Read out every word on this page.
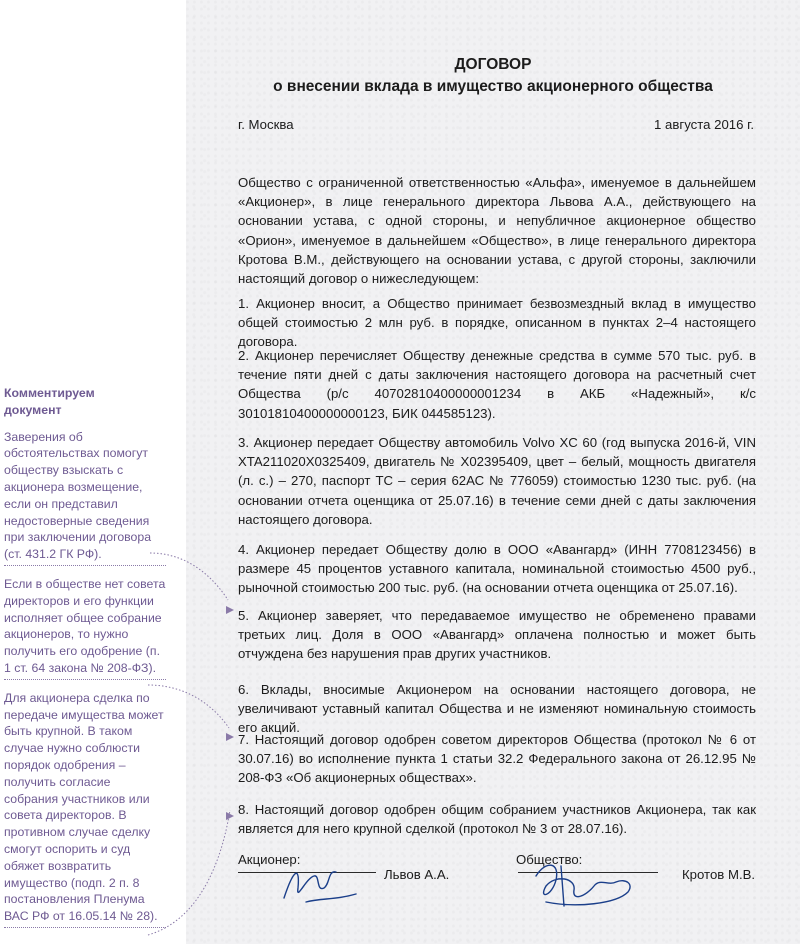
Комментируем
документ
Заверения об обстоятельствах помогут обществу взыскать с акционера возмещение, если он представил недостоверные сведения при заключении договора (ст. 431.2 ГК РФ).
Если в обществе нет совета директоров и его функции исполняет общее собрание акционеров, то нужно получить его одобрение (п. 1 ст. 64 закона № 208-ФЗ).
Для акционера сделка по передаче имущества может быть крупной. В таком случае нужно соблюсти порядок одобрения – получить согласие собрания участников или совета директоров. В противном случае сделку смогут оспорить и суд обяжет возвратить имущество (подп. 2 п. 8 постановления Пленума ВАС РФ от 16.05.14 № 28).
ДОГОВОР
о внесении вклада в имущество акционерного общества
г. Москва	1 августа 2016 г.
Общество с ограниченной ответственностью «Альфа», именуемое в дальнейшем «Акционер», в лице генерального директора Львова А.А., действующего на основании устава, с одной стороны, и непубличное акционерное общество «Орион», именуемое в дальнейшем «Общество», в лице генерального директора Кротова В.М., действующего на основании устава, с другой стороны, заключили настоящий договор о нижеследующем:
1. Акционер вносит, а Общество принимает безвозмездный вклад в имущество общей стоимостью 2 млн руб. в порядке, описанном в пунктах 2–4 настоящего договора.
2. Акционер перечисляет Обществу денежные средства в сумме 570 тыс. руб. в течение пяти дней с даты заключения настоящего договора на расчетный счет Общества (р/с 40702810400000001234 в АКБ «Надежный», к/с 30101810400000000123, БИК 044585123).
3. Акционер передает Обществу автомобиль Volvo XC 60 (год выпуска 2016-й, VIN XTA211020X0325409, двигатель № X02395409, цвет – белый, мощность двигателя (л. с.) – 270, паспорт ТС – серия 62АС № 776059) стоимостью 1230 тыс. руб. (на основании отчета оценщика от 25.07.16) в течение семи дней с даты заключения настоящего договора.
4. Акционер передает Обществу долю в ООО «Авангард» (ИНН 7708123456) в размере 45 процентов уставного капитала, номинальной стоимостью 4500 руб., рыночной стоимостью 200 тыс. руб. (на основании отчета оценщика от 25.07.16).
5. Акционер заверяет, что передаваемое имущество не обременено правами третьих лиц. Доля в ООО «Авангард» оплачена полностью и может быть отчуждена без нарушения прав других участников.
6. Вклады, вносимые Акционером на основании настоящего договора, не увеличивают уставный капитал Общества и не изменяют номинальную стоимость его акций.
7. Настоящий договор одобрен советом директоров Общества (протокол № 6 от 30.07.16) во исполнение пункта 1 статьи 32.2 Федерального закона от 26.12.95 № 208-ФЗ «Об акционерных обществах».
8. Настоящий договор одобрен общим собранием участников Акционера, так как является для него крупной сделкой (протокол № 3 от 28.07.16).
Акционер:	Общество:
Львов А.А.	Кротов М.В.
